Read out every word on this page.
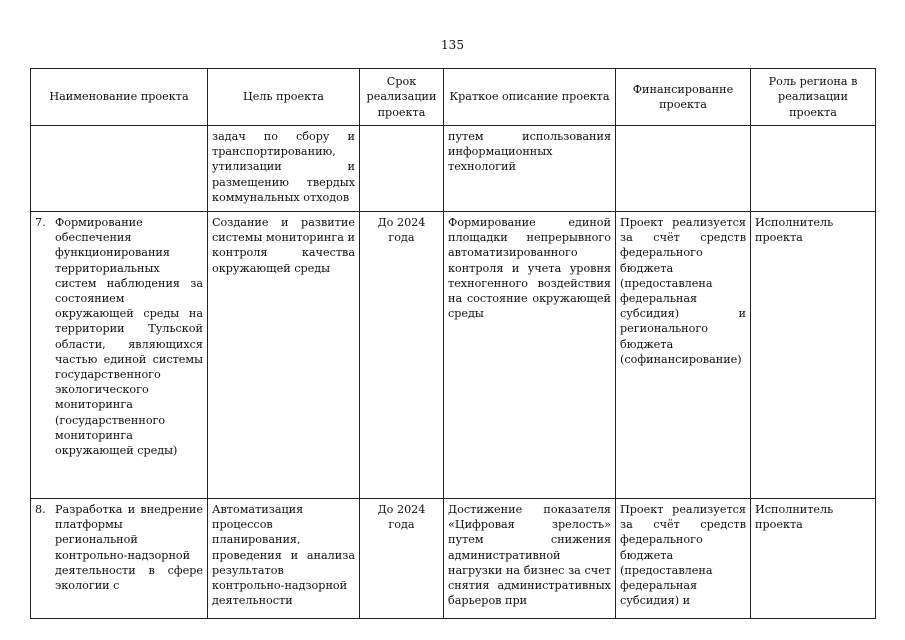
135
Наименование проекта	Цель проекта	Срок реализации проекта	Краткое описание проекта	Финансированне проекта	Роль региона в реализации проекта
	задач по сбору и транспортированию, утилизации и размещению твердых коммунальных отходов		путем использования информационных технологий		
7. Формирование обеспечения функционирования территориальных систем наблюдения за состоянием окружающей среды на территории Тульской области, являющихся частью единой системы государственного экологического мониторинга (государственного мониторинга окружающей среды)	Создание и развитие системы мониторинга и контроля качества окружающей среды	До 2024 года	Формирование единой площадки непрерывного автоматизированного контроля и учета уровня техногенного воздействия на состояние окружающей среды	Проект реализуется за счёт средств федерального бюджета (предоставлена федеральная субсидия) и регионального бюджета (софинансирование)	Исполнитель проекта
8. Разработка и внедрение платформы региональной контрольно-надзорной деятельности в сфере экологии с	Автоматизация процессов планирования, проведения и анализа результатов контрольно-надзорной деятельности	До 2024 года	Достижение показателя «Цифровая зрелость» путем снижения административной нагрузки на бизнес за счет снятия административных барьеров при	Проект реализуется за счёт средств федерального бюджета (предоставлена федеральная субсидия) и	Исполнитель проекта
